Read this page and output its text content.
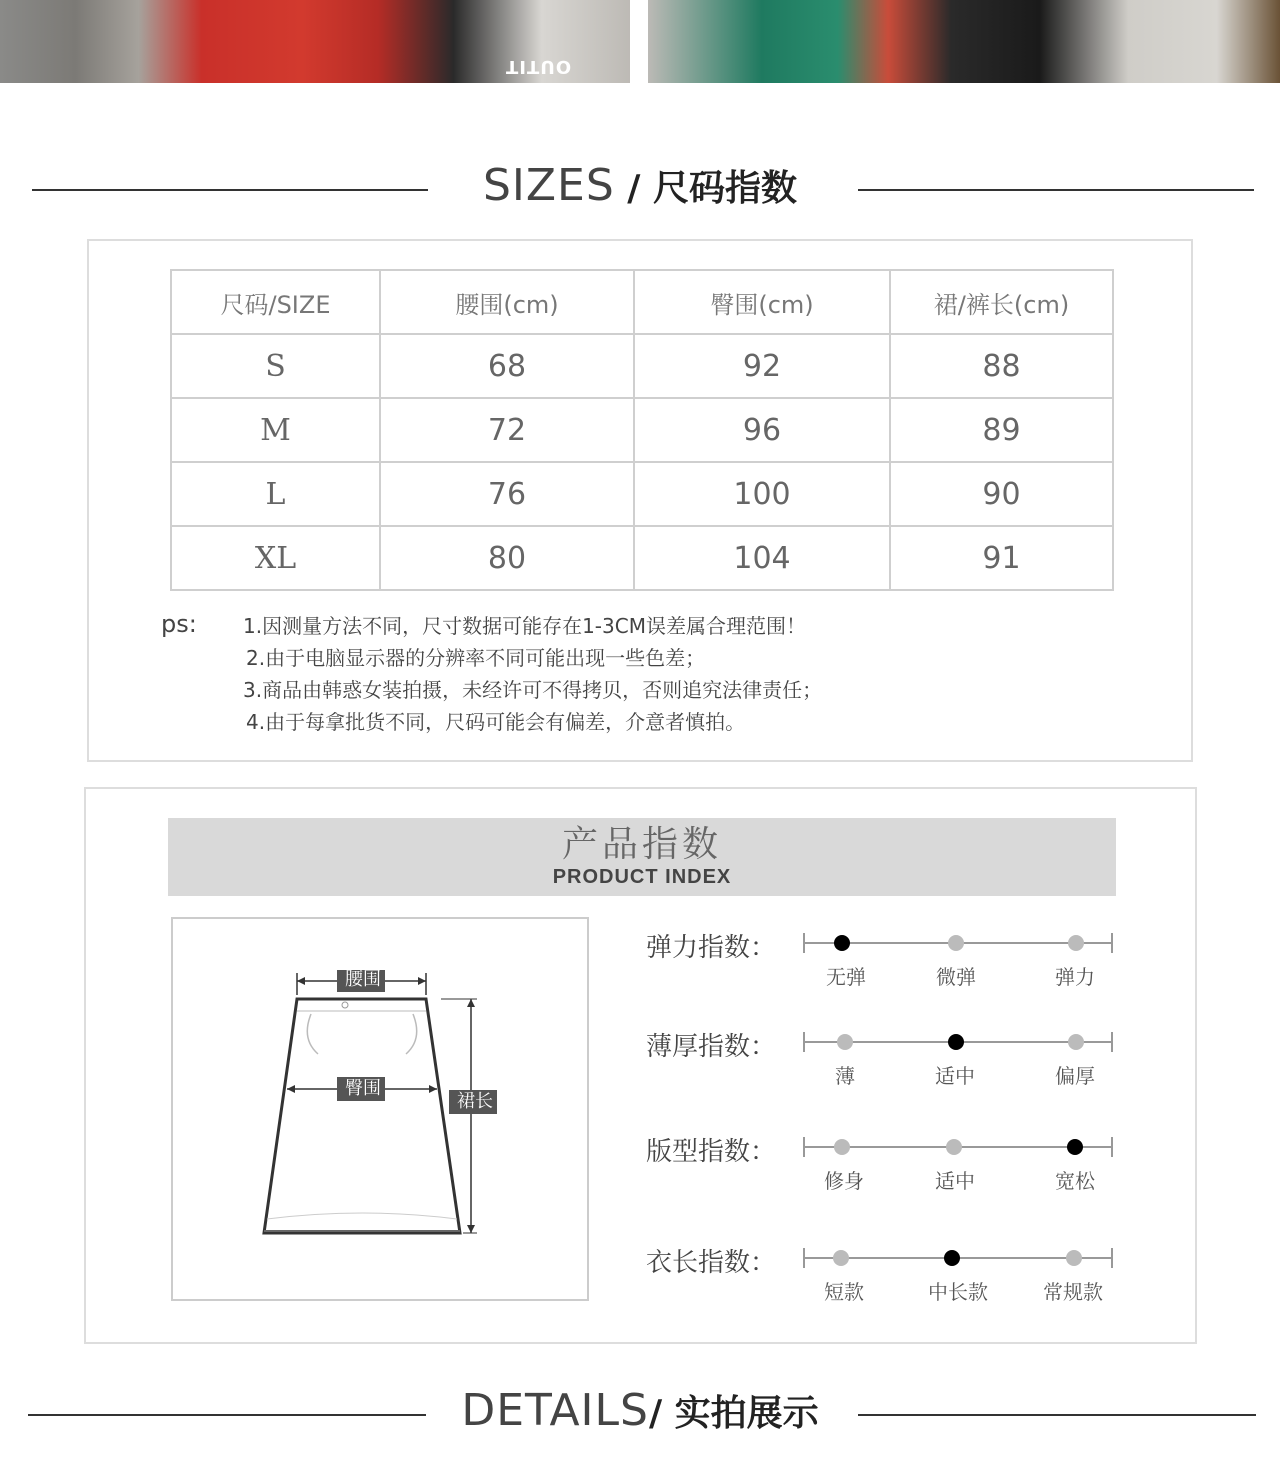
OUTIT
SIZES / 尺码指数
尺码/SIZE	腰围(cm)	臀围(cm)	裙/裤长(cm)
S	68	92	88
M	72	96	89
L	76	100	90
XL	80	104	91
ps: 1.因测量方法不同，尺寸数据可能存在1-3CM误差属合理范围！
2.由于电脑显示器的分辨率不同可能出现一些色差；
3.商品由韩惑女装拍摄，未经许可不得拷贝，否则追究法律责任；
4.由于每拿批货不同，尺码可能会有偏差，介意者慎拍。
产品指数
PRODUCT INDEX
腰围
臀围
裙长
弹力指数：
无弹	微弹	弹力
薄厚指数：
薄	适中	偏厚
版型指数：
修身	适中	宽松
衣长指数：
短款	中长款	常规款
DETAILS/ 实拍展示
